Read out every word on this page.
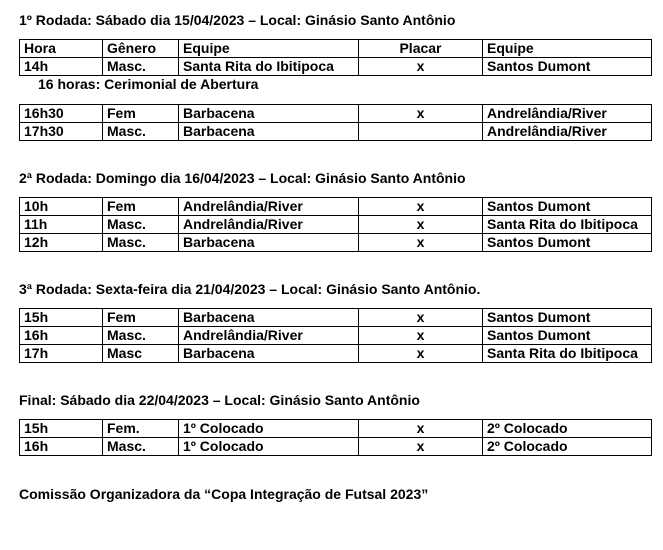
1º Rodada: Sábado dia 15/04/2023 – Local: Ginásio Santo Antônio
Hora	Gênero	Equipe	Placar	Equipe
14h	Masc.	Santa Rita do Ibitipoca	x	Santos Dumont
16 horas: Cerimonial de Abertura
16h30	Fem	Barbacena	x	Andrelândia/River
17h30	Masc.	Barbacena		Andrelândia/River
2ª Rodada: Domingo dia 16/04/2023 – Local: Ginásio Santo Antônio
10h	Fem	Andrelândia/River	x	Santos Dumont
11h	Masc.	Andrelândia/River	x	Santa Rita do Ibitipoca
12h	Masc.	Barbacena	x	Santos Dumont
3ª Rodada: Sexta-feira dia 21/04/2023 – Local: Ginásio Santo Antônio.
15h	Fem	Barbacena	x	Santos Dumont
16h	Masc.	Andrelândia/River	x	Santos Dumont
17h	Masc	Barbacena	x	Santa Rita do Ibitipoca
Final: Sábado dia 22/04/2023 – Local: Ginásio Santo Antônio
15h	Fem.	1º Colocado	x	2º Colocado
16h	Masc.	1º Colocado	x	2º Colocado
Comissão Organizadora da “Copa Integração de Futsal 2023”
